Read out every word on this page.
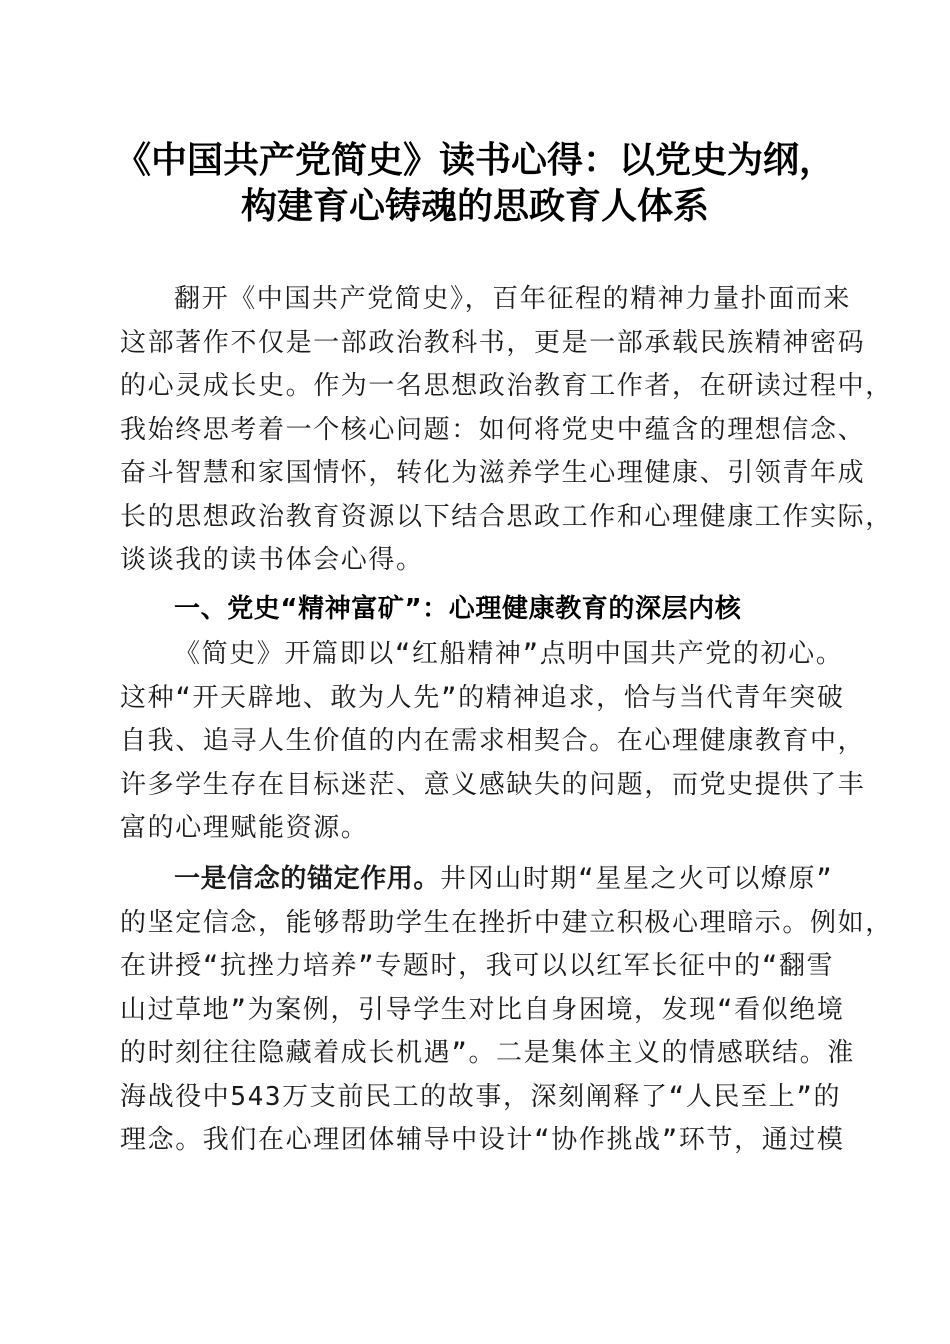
《中国共产党简史》读书心得：以党史为纲，
构建育心铸魂的思政育人体系
翻开《中国共产党简史》，百年征程的精神力量扑面而来
这部著作不仅是一部政治教科书，更是一部承载民族精神密码
的心灵成长史。作为一名思想政治教育工作者，在研读过程中，
我始终思考着一个核心问题：如何将党史中蕴含的理想信念、
奋斗智慧和家国情怀，转化为滋养学生心理健康、引领青年成
长的思想政治教育资源以下结合思政工作和心理健康工作实际，
谈谈我的读书体会心得。
一、党史“精神富矿”：心理健康教育的深层内核
《简史》开篇即以“红船精神”点明中国共产党的初心。
这种“开天辟地、敢为人先”的精神追求，恰与当代青年突破
自我、追寻人生价值的内在需求相契合。在心理健康教育中，
许多学生存在目标迷茫、意义感缺失的问题，而党史提供了丰
富的心理赋能资源。
一是信念的锚定作用。井冈山时期“星星之火可以燎原”
的坚定信念，能够帮助学生在挫折中建立积极心理暗示。例如，
在讲授“抗挫力培养”专题时，我可以以红军长征中的“翻雪
山过草地”为案例，引导学生对比自身困境，发现“看似绝境
的时刻往往隐藏着成长机遇”。二是集体主义的情感联结。淮
海战役中543万支前民工的故事，深刻阐释了“人民至上”的
理念。我们在心理团体辅导中设计“协作挑战”环节，通过模
